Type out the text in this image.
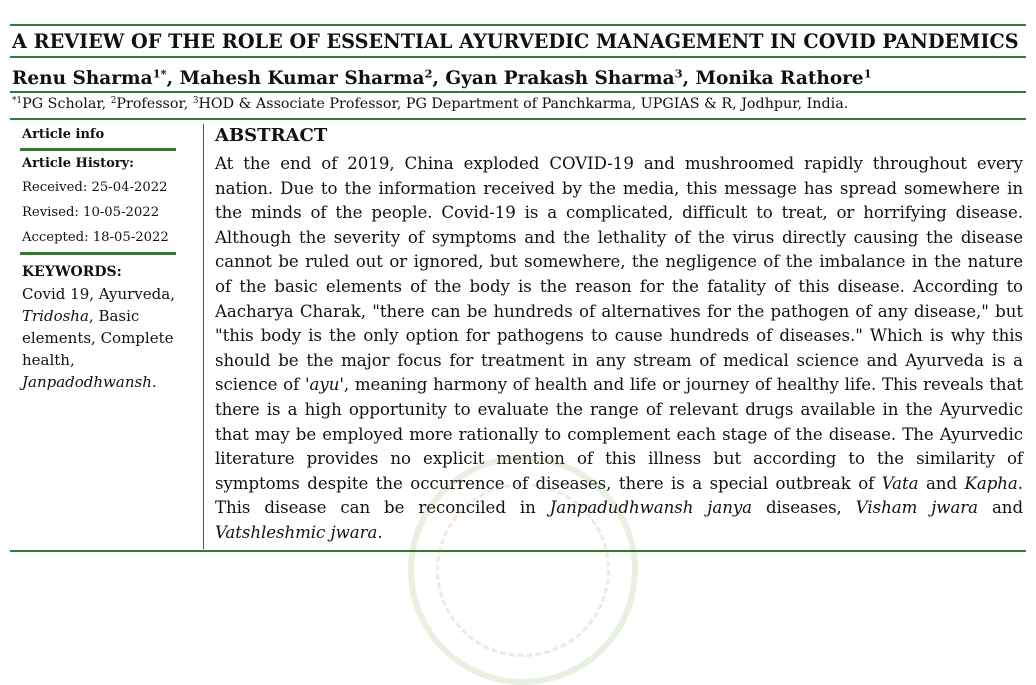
A REVIEW OF THE ROLE OF ESSENTIAL AYURVEDIC MANAGEMENT IN COVID PANDEMICS
Renu Sharma$^{1*}$, Mahesh Kumar Sharma$^2$, Gyan Prakash Sharma$^3$, Monika Rathore$^1$
$^{*1}$PG Scholar, $^2$Professor, $^3$HOD & Associate Professor, PG Department of Panchkarma, UPGIAS & R, Jodhpur, India.
Article info
Article History:
Received: 25-04-2022
Revised: 10-05-2022
Accepted: 18-05-2022
KEYWORDS:
Covid 19, Ayurveda, Tridosha, Basic elements, Complete health, Janpadodhwansh.
ABSTRACT
At the end of 2019, China exploded COVID-19 and mushroomed rapidly throughout every nation. Due to the information received by the media, this message has spread somewhere in the minds of the people. Covid-19 is a complicated, difficult to treat, or horrifying disease. Although the severity of symptoms and the lethality of the virus directly causing the disease cannot be ruled out or ignored, but somewhere, the negligence of the imbalance in the nature of the basic elements of the body is the reason for the fatality of this disease. According to Aacharya Charak, "there can be hundreds of alternatives for the pathogen of any disease," but "this body is the only option for pathogens to cause hundreds of diseases." Which is why this should be the major focus for treatment in any stream of medical science and Ayurveda is a science of 'ayu', meaning harmony of health and life or journey of healthy life. This reveals that there is a high opportunity to evaluate the range of relevant drugs available in the Ayurvedic that may be employed more rationally to complement each stage of the disease. The Ayurvedic literature provides no explicit mention of this illness but according to the similarity of symptoms despite the occurrence of diseases, there is a special outbreak of Vata and Kapha. This disease can be reconciled in Janpadudhwansh janya diseases, Visham jwara and Vatshleshmic jwara.
